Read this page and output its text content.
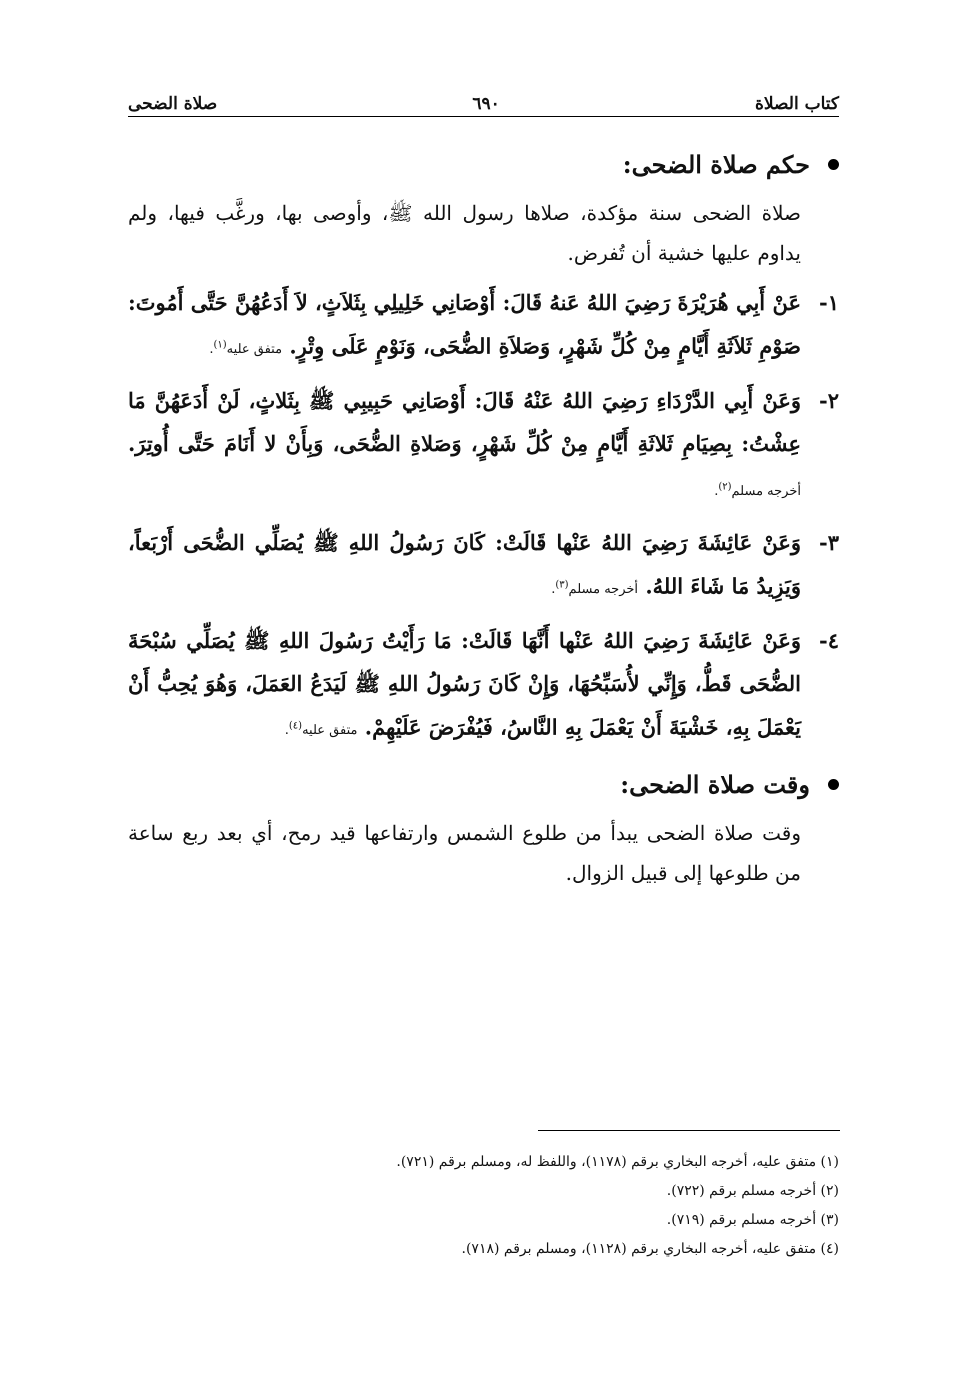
كتاب الصلاة
٦٩٠
صلاة الضحى
حكم صلاة الضحى:

صلاة الضحى سنة مؤكدة، صلاها رسول الله ﷺ، وأوصى بها، ورغَّب فيها، ولم يداوم عليها خشية أن تُفرض.

١-
عَنْ أَبِي هُرَيْرَةَ رَضِيَ اللهُ عَنهُ قَالَ: أَوْصَانِي خَلِيلِي بِثَلاَثٍ، لاَ أَدَعُهُنَّ حَتَّى أَمُوتَ: صَوْمِ ثَلاَثَةِ أَيَّامٍ مِنْ كُلِّ شَهْرٍ، وَصَلاَةِ الضُّحَى، وَنَوْمٍ عَلَى وِتْرٍ. متفق عليه$^{(١)}$.
٢-
وَعَنْ أَبِي الدَّرْدَاءِ رَضِيَ اللهُ عَنْهُ قَالَ: أَوْصَانِي حَبِيبِي ﷺ بِثَلاثٍ، لَنْ أَدَعَهُنَّ مَا عِشْتُ: بِصِيَامِ ثَلاثَةِ أَيَّامٍ مِنْ كُلِّ شَهْرٍ، وَصَلاةِ الضُّحَى، وَبِأَنْ لا أَنَامَ حَتَّى أُوتِرَ. أخرجه مسلم$^{(٢)}$.
٣-
وَعَنْ عَائِشَةَ رَضِيَ اللهُ عَنْها قَالَتْ: كَانَ رَسُولُ اللهِ ﷺ يُصَلِّي الضُّحَى أَرْبَعاً، وَيَزِيدُ مَا شَاءَ اللهُ. أخرجه مسلم$^{(٣)}$.
٤-
وَعَنْ عَائِشَةَ رَضِيَ اللهُ عَنْها أَنَّهَا قَالَتْ: مَا رَأَيْتُ رَسُولَ اللهِ ﷺ يُصَلِّي سُبْحَةَ الضُّحَى قَطُّ، وَإِنِّي لأُسَبِّحُهَا، وَإِنْ كَانَ رَسُولُ اللهِ ﷺ لَيَدَعُ العَمَلَ، وَهُوَ يُحِبُّ أَنْ يَعْمَلَ بِهِ، خَشْيَةَ أَنْ يَعْمَلَ بِهِ النَّاسُ، فَيُفْرَضَ عَلَيْهِمْ. متفق عليه$^{(٤)}$.
وقت صلاة الضحى:

وقت صلاة الضحى يبدأ من طلوع الشمس وارتفاعها قيد رمح، أي بعد ربع ساعة من طلوعها إلى قبيل الزوال.

(١) متفق عليه، أخرجه البخاري برقم (١١٧٨)، واللفظ له، ومسلم برقم (٧٢١).
(٢) أخرجه مسلم برقم (٧٢٢).
(٣) أخرجه مسلم برقم (٧١٩).
(٤) متفق عليه، أخرجه البخاري برقم (١١٢٨)، ومسلم برقم (٧١٨).
